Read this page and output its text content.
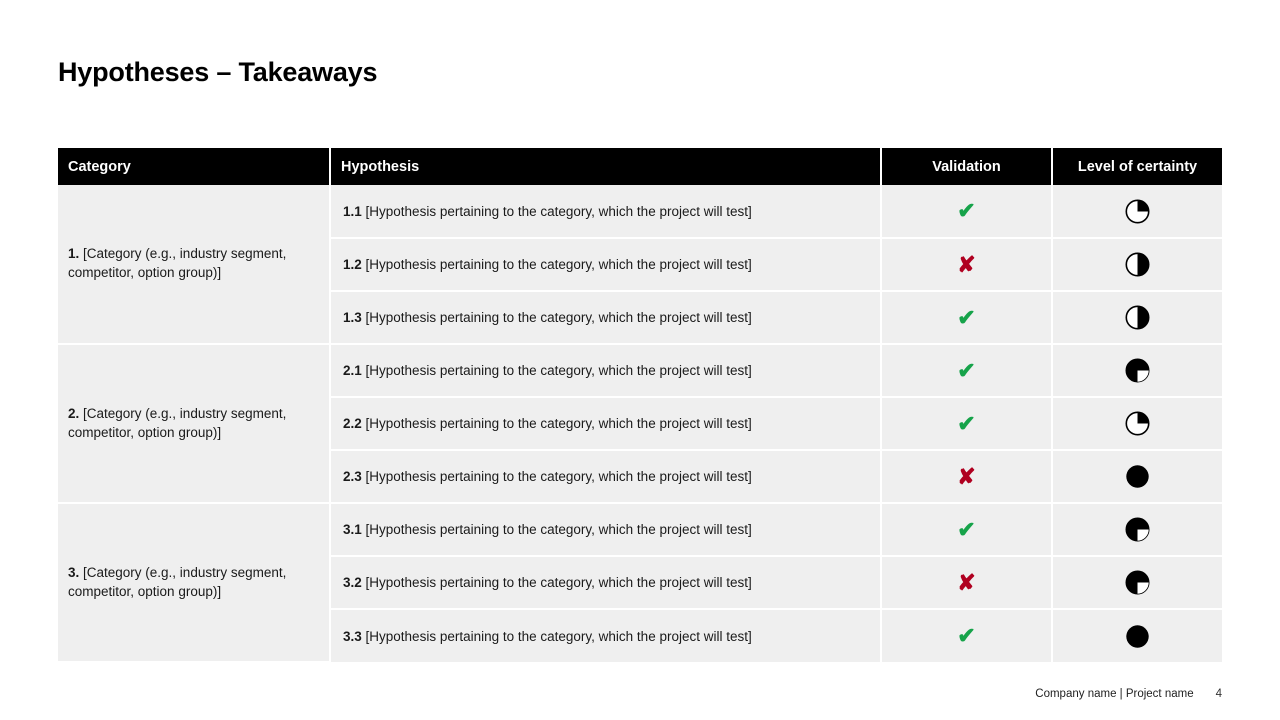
Hypotheses – Takeaways
Category	Hypothesis	Validation	Level of certainty
1. [Category (e.g., industry segment, competitor, option group)]	1.1 [Hypothesis pertaining to the category, which the project will test]	✔	
	1.2 [Hypothesis pertaining to the category, which the project will test]	✘	
	1.3 [Hypothesis pertaining to the category, which the project will test]	✔	
2. [Category (e.g., industry segment, competitor, option group)]	2.1 [Hypothesis pertaining to the category, which the project will test]	✔	
	2.2 [Hypothesis pertaining to the category, which the project will test]	✔	
	2.3 [Hypothesis pertaining to the category, which the project will test]	✘	
3. [Category (e.g., industry segment, competitor, option group)]	3.1 [Hypothesis pertaining to the category, which the project will test]	✔	
	3.2 [Hypothesis pertaining to the category, which the project will test]	✘	
	3.3 [Hypothesis pertaining to the category, which the project will test]	✔	
Company name | Project name 4
